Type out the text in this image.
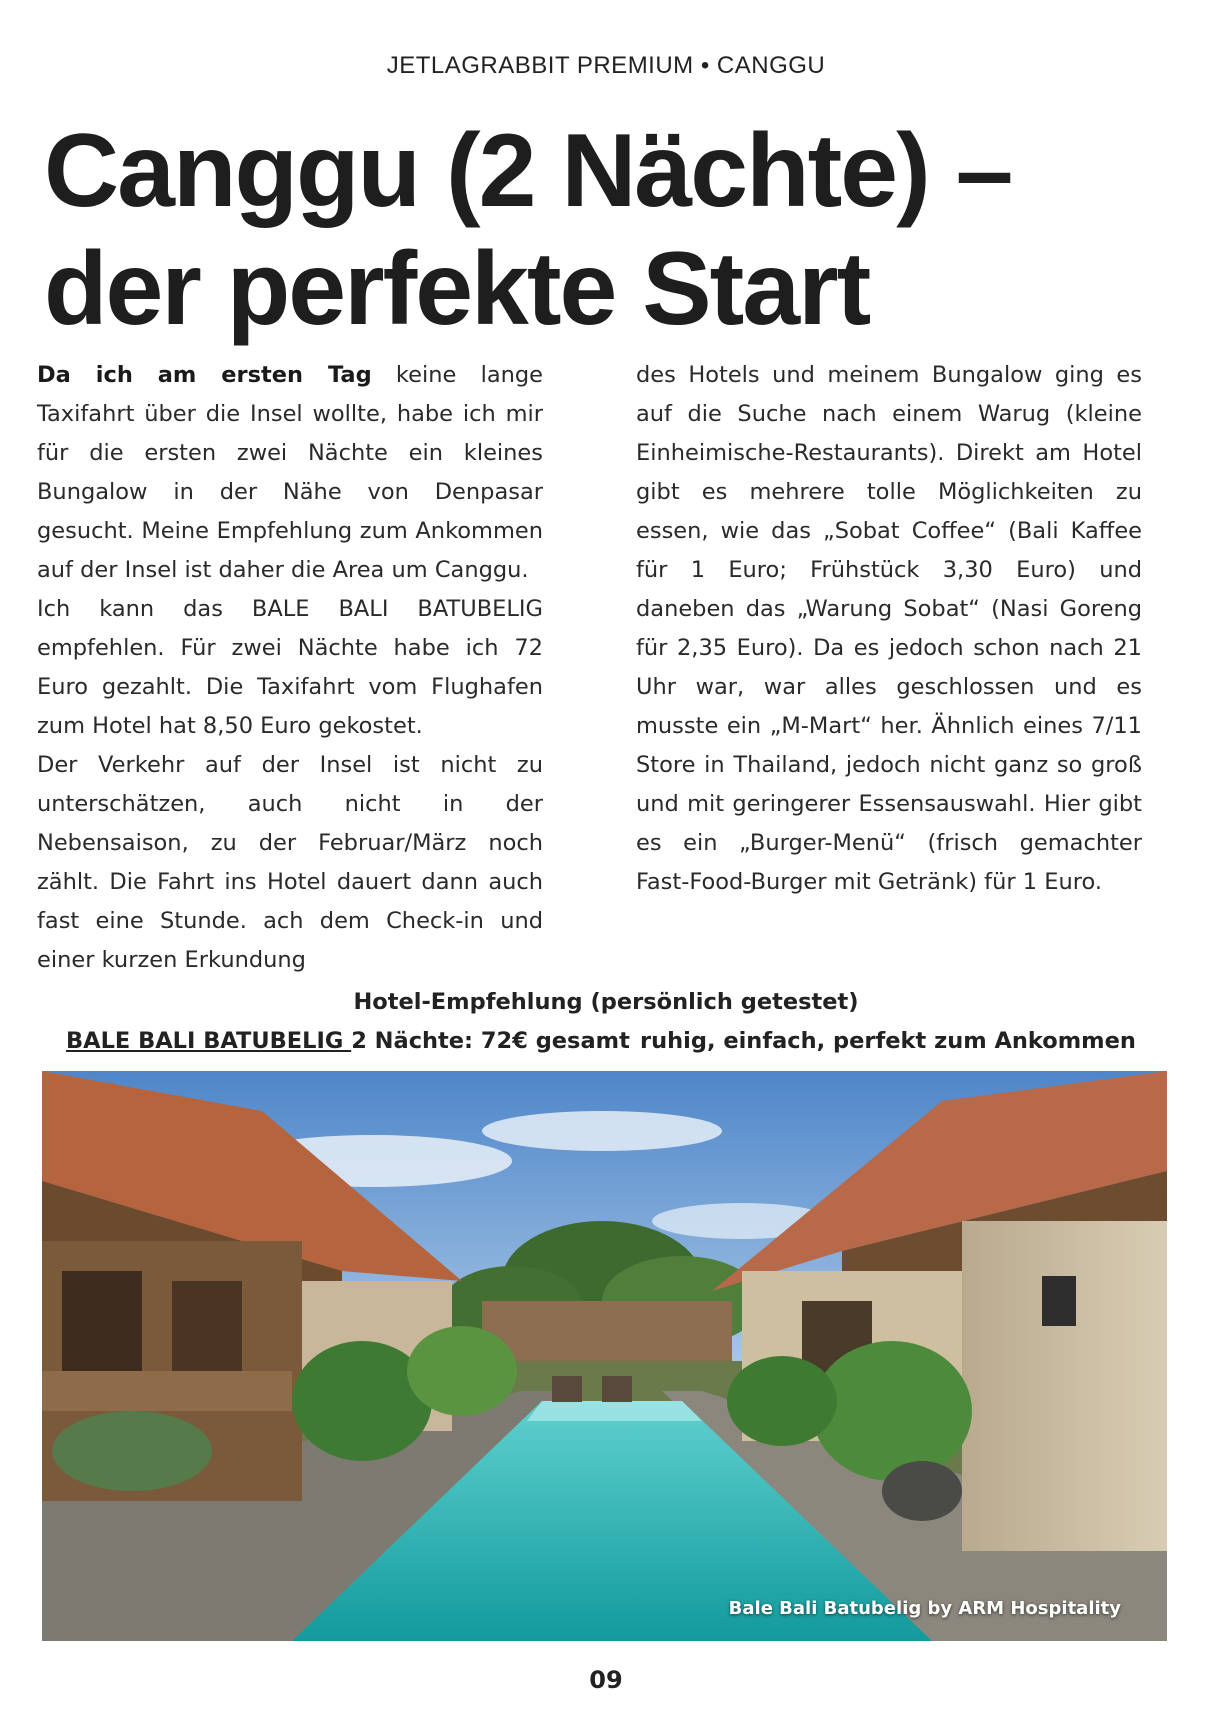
JETLAGRABBIT PREMIUM • CANGGU
Canggu (2 Nächte) –
der perfekte Start

Da ich am ersten Tag keine lange Taxifahrt über die Insel wollte, habe ich mir für die ersten zwei Nächte ein kleines Bungalow in der Nähe von Denpasar gesucht. Meine Empfehlung zum Ankommen auf der Insel ist daher die Area um Canggu.

Ich kann das BALE BALI BATUBELIG empfehlen. Für zwei Nächte habe ich 72 Euro gezahlt. Die Taxifahrt vom Flughafen zum Hotel hat 8,50 Euro gekostet.

Der Verkehr auf der Insel ist nicht zu unterschätzen, auch nicht in der Nebensaison, zu der Februar/März noch zählt. Die Fahrt ins Hotel dauert dann auch fast eine Stunde. ach dem Check-in und einer kurzen Erkundung

des Hotels und meinem Bungalow ging es auf die Suche nach einem Warug (kleine Einheimische-Restaurants). Direkt am Hotel gibt es mehrere tolle Möglichkeiten zu essen, wie das „Sobat Coffee“ (Bali Kaffee für 1 Euro; Frühstück 3,30 Euro) und daneben das „Warung Sobat“ (Nasi Goreng für 2,35 Euro). Da es jedoch schon nach 21 Uhr war, war alles geschlossen und es musste ein „M-Mart“ her. Ähnlich eines 7/11 Store in Thailand, jedoch nicht ganz so groß und mit geringerer Essensauswahl. Hier gibt es ein „Burger-Menü“ (frisch gemachter Fast-Food-Burger mit Getränk) für 1 Euro.

Hotel-Empfehlung (persönlich getestet)
BALE BALI BATUBELIG 2 Nächte: 72€ gesamt ruhig, einfach, perfekt zum Ankommen
Bale Bali Batubelig by ARM Hospitality
09
